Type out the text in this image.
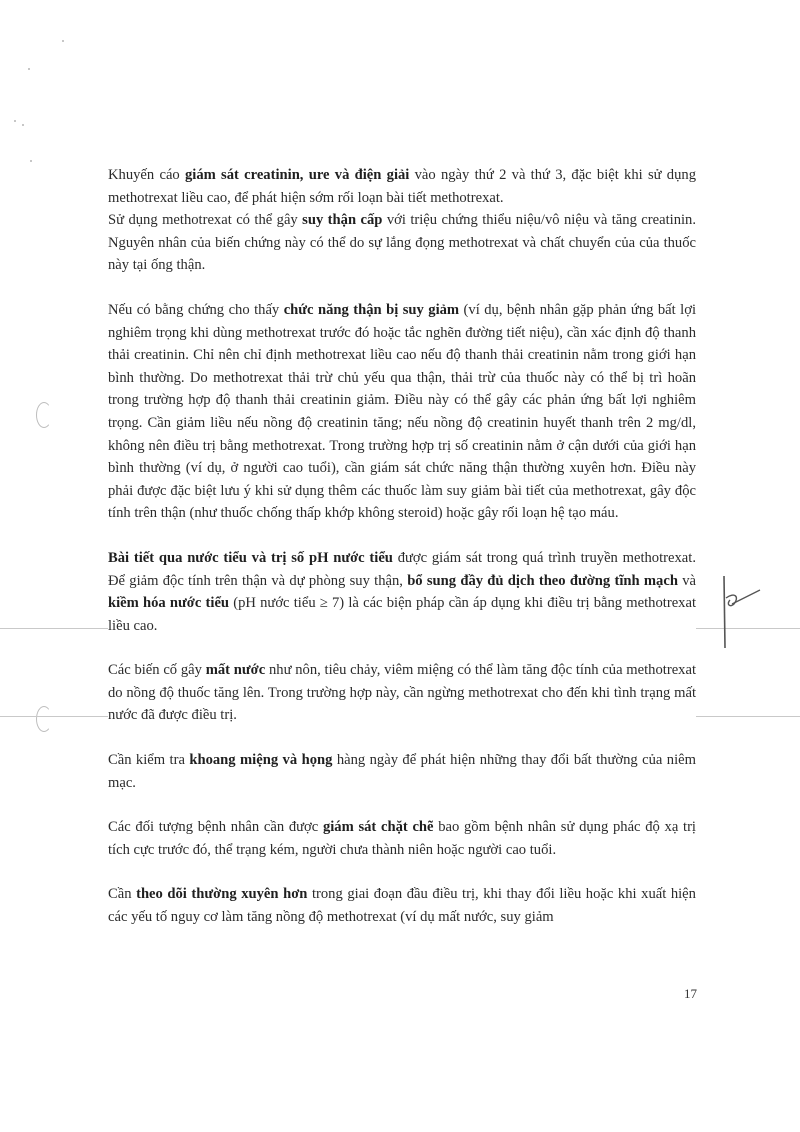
Khuyến cáo giám sát creatinin, ure và điện giải vào ngày thứ 2 và thứ 3, đặc biệt khi sử dụng methotrexat liều cao, để phát hiện sớm rối loạn bài tiết methotrexat.
Sử dụng methotrexat có thể gây suy thận cấp với triệu chứng thiểu niệu/vô niệu và tăng creatinin. Nguyên nhân của biến chứng này có thể do sự lắng đọng methotrexat và chất chuyển của của thuốc này tại ống thận.

Nếu có bằng chứng cho thấy chức năng thận bị suy giảm (ví dụ, bệnh nhân gặp phản ứng bất lợi nghiêm trọng khi dùng methotrexat trước đó hoặc tắc nghẽn đường tiết niệu), cần xác định độ thanh thải creatinin. Chỉ nên chỉ định methotrexat liều cao nếu độ thanh thải creatinin nằm trong giới hạn bình thường. Do methotrexat thải trừ chủ yếu qua thận, thải trừ của thuốc này có thể bị trì hoãn trong trường hợp độ thanh thải creatinin giảm. Điều này có thể gây các phản ứng bất lợi nghiêm trọng. Cần giảm liều nếu nồng độ creatinin tăng; nếu nồng độ creatinin huyết thanh trên 2 mg/dl, không nên điều trị bằng methotrexat. Trong trường hợp trị số creatinin nằm ở cận dưới của giới hạn bình thường (ví dụ, ở người cao tuổi), cần giám sát chức năng thận thường xuyên hơn. Điều này phải được đặc biệt lưu ý khi sử dụng thêm các thuốc làm suy giảm bài tiết của methotrexat, gây độc tính trên thận (như thuốc chống thấp khớp không steroid) hoặc gây rối loạn hệ tạo máu.

Bài tiết qua nước tiểu và trị số pH nước tiểu được giám sát trong quá trình truyền methotrexat. Để giảm độc tính trên thận và dự phòng suy thận, bổ sung đầy đủ dịch theo đường tĩnh mạch và kiềm hóa nước tiểu (pH nước tiểu ≥ 7) là các biện pháp cần áp dụng khi điều trị bằng methotrexat liều cao.

Các biến cố gây mất nước như nôn, tiêu chảy, viêm miệng có thể làm tăng độc tính của methotrexat do nồng độ thuốc tăng lên. Trong trường hợp này, cần ngừng methotrexat cho đến khi tình trạng mất nước đã được điều trị.

Cần kiểm tra khoang miệng và họng hàng ngày để phát hiện những thay đổi bất thường của niêm mạc.

Các đối tượng bệnh nhân cần được giám sát chặt chẽ bao gồm bệnh nhân sử dụng phác độ xạ trị tích cực trước đó, thể trạng kém, người chưa thành niên hoặc người cao tuổi.

Cần theo dõi thường xuyên hơn trong giai đoạn đầu điều trị, khi thay đổi liều hoặc khi xuất hiện các yếu tố nguy cơ làm tăng nồng độ methotrexat (ví dụ mất nước, suy giảm

17
